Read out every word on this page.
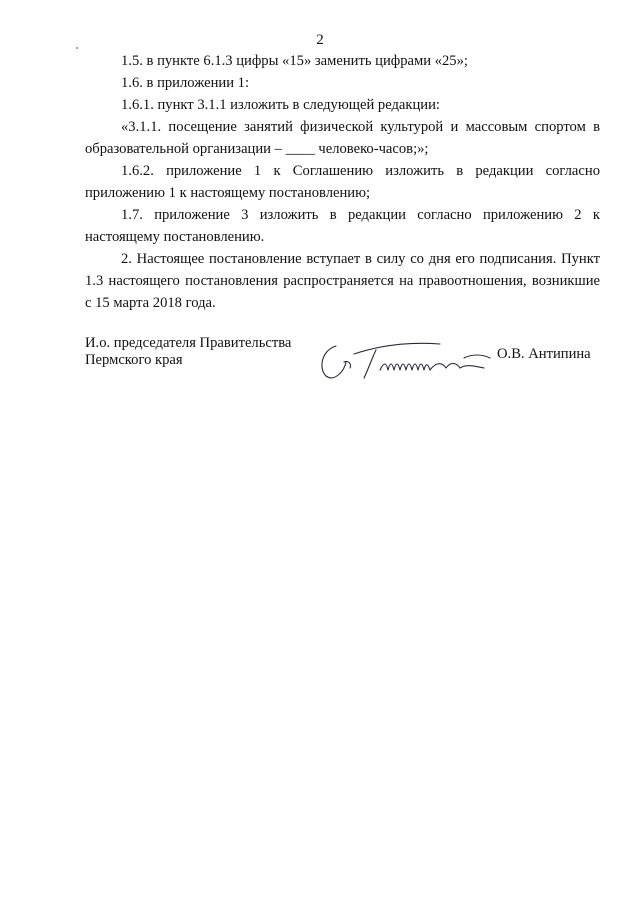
2

1.5. в пункте 6.1.3 цифры «15» заменить цифрами «25»;

1.6. в приложении 1:

1.6.1. пункт 3.1.1 изложить в следующей редакции:

«3.1.1. посещение занятий физической культурой и массовым спортом в образовательной организации – ____ человеко-часов;»;

1.6.2. приложение 1 к Соглашению изложить в редакции согласно приложению 1 к настоящему постановлению;

1.7. приложение 3 изложить в редакции согласно приложению 2 к настоящему постановлению.

2. Настоящее постановление вступает в силу со дня его подписания. Пункт 1.3 настоящего постановления распространяется на правоотношения, возникшие с 15 марта 2018 года.

И.о. председателя Правительства
Пермского края	О.В. Антипина
